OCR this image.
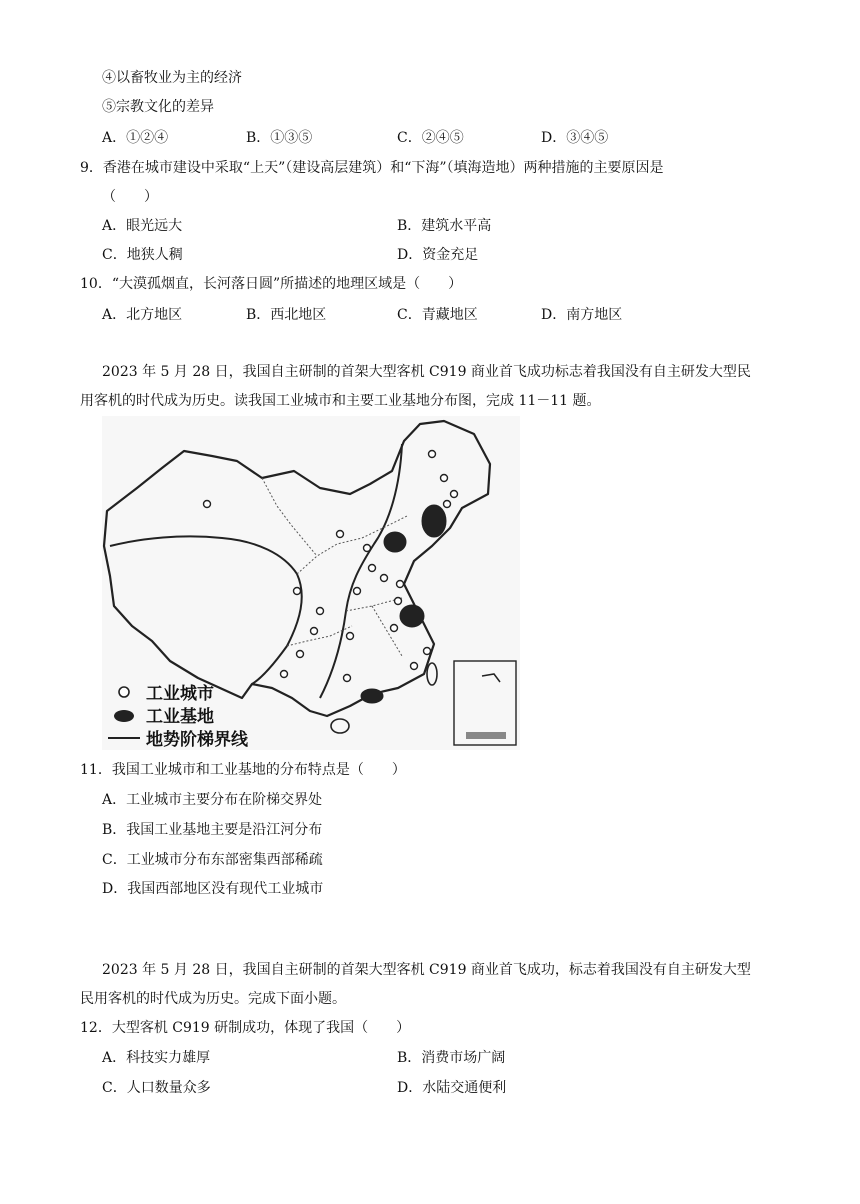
④以畜牧业为主的经济
⑤宗教文化的差异
A．①②④	B．①③⑤	C．②④⑤	D．③④⑤
9．香港在城市建设中采取“上天”（建设高层建筑）和“下海”（填海造地）两种措施的主要原因是
（　　）
A．眼光远大	B．建筑水平高
C．地狭人稠	D．资金充足
10．“大漠孤烟直，长河落日圆”所描述的地理区域是（　　）
A．北方地区	B．西北地区	C．青藏地区	D．南方地区
2023 年 5 月 28 日，我国自主研制的首架大型客机 C919 商业首飞成功标志着我国没有自主研发大型民
用客机的时代成为历史。读我国工业城市和主要工业基地分布图，完成 11－11 题。
工业城市
工业基地
地势阶梯界线
11．我国工业城市和工业基地的分布特点是（　　）
A．工业城市主要分布在阶梯交界处
B．我国工业基地主要是沿江河分布
C．工业城市分布东部密集西部稀疏
D．我国西部地区没有现代工业城市
2023 年 5 月 28 日，我国自主研制的首架大型客机 C919 商业首飞成功，标志着我国没有自主研发大型
民用客机的时代成为历史。完成下面小题。
12．大型客机 C919 研制成功，体现了我国（　　）
A．科技实力雄厚	B．消费市场广阔
C．人口数量众多	D．水陆交通便利
